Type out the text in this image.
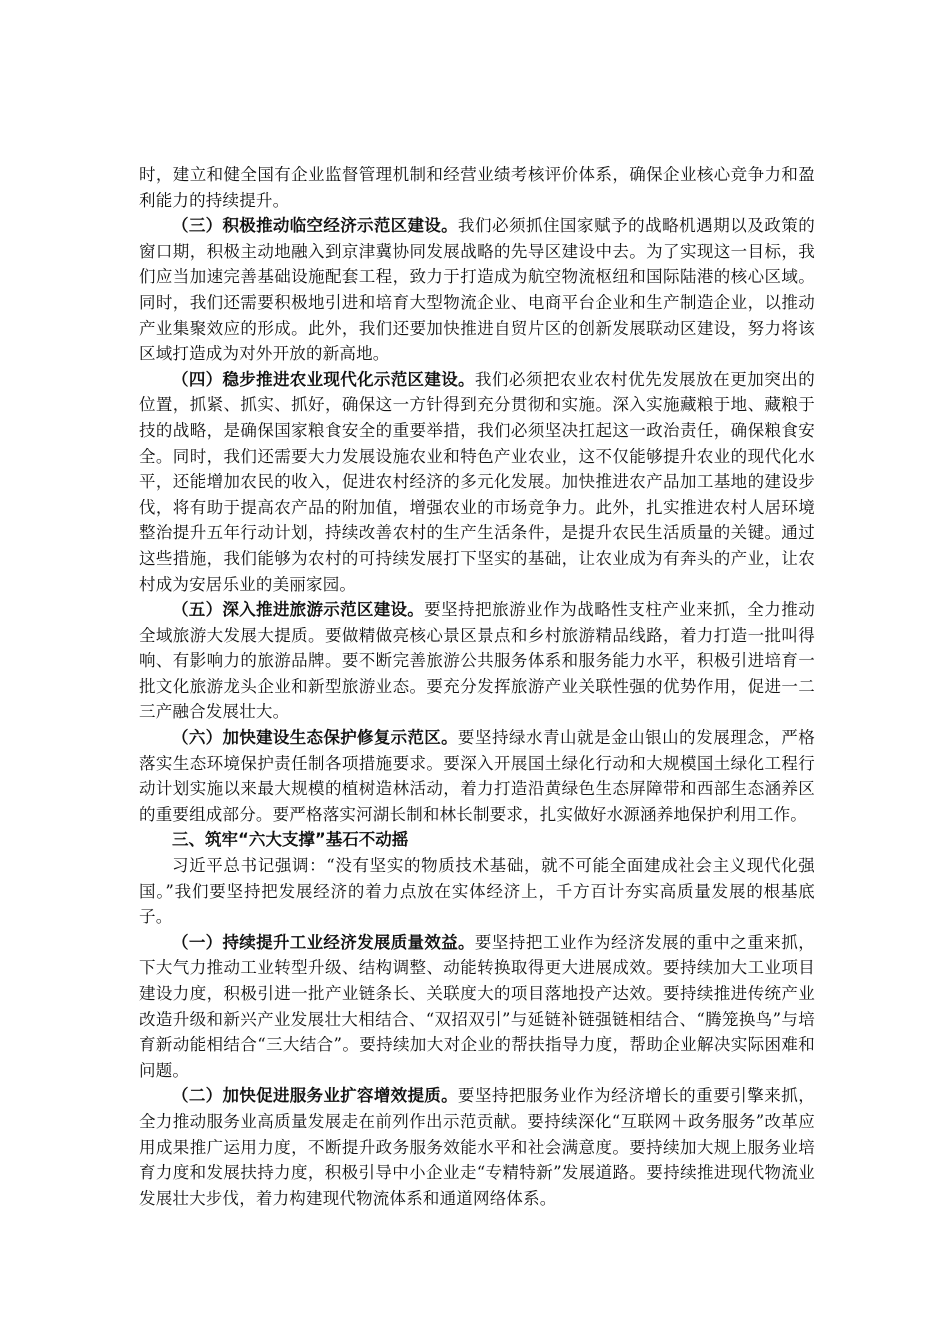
时，建立和健全国有企业监督管理机制和经营业绩考核评价体系，确保企业核心竞争力和盈利能力的持续提升。

（三）积极推动临空经济示范区建设。我们必须抓住国家赋予的战略机遇期以及政策的窗口期，积极主动地融入到京津冀协同发展战略的先导区建设中去。为了实现这一目标，我们应当加速完善基础设施配套工程，致力于打造成为航空物流枢纽和国际陆港的核心区域。同时，我们还需要积极地引进和培育大型物流企业、电商平台企业和生产制造企业，以推动产业集聚效应的形成。此外，我们还要加快推进自贸片区的创新发展联动区建设，努力将该区域打造成为对外开放的新高地。

（四）稳步推进农业现代化示范区建设。我们必须把农业农村优先发展放在更加突出的位置，抓紧、抓实、抓好，确保这一方针得到充分贯彻和实施。深入实施藏粮于地、藏粮于技的战略，是确保国家粮食安全的重要举措，我们必须坚决扛起这一政治责任，确保粮食安全。同时，我们还需要大力发展设施农业和特色产业农业，这不仅能够提升农业的现代化水平，还能增加农民的收入，促进农村经济的多元化发展。加快推进农产品加工基地的建设步伐，将有助于提高农产品的附加值，增强农业的市场竞争力。此外，扎实推进农村人居环境整治提升五年行动计划，持续改善农村的生产生活条件，是提升农民生活质量的关键。通过这些措施，我们能够为农村的可持续发展打下坚实的基础，让农业成为有奔头的产业，让农村成为安居乐业的美丽家园。

（五）深入推进旅游示范区建设。要坚持把旅游业作为战略性支柱产业来抓，全力推动全域旅游大发展大提质。要做精做亮核心景区景点和乡村旅游精品线路，着力打造一批叫得响、有影响力的旅游品牌。要不断完善旅游公共服务体系和服务能力水平，积极引进培育一批文化旅游龙头企业和新型旅游业态。要充分发挥旅游产业关联性强的优势作用，促进一二三产融合发展壮大。

（六）加快建设生态保护修复示范区。要坚持绿水青山就是金山银山的发展理念，严格落实生态环境保护责任制各项措施要求。要深入开展国土绿化行动和大规模国土绿化工程行动计划实施以来最大规模的植树造林活动，着力打造沿黄绿色生态屏障带和西部生态涵养区的重要组成部分。要严格落实河湖长制和林长制要求，扎实做好水源涵养地保护利用工作。

三、筑牢“六大支撑”基石不动摇

习近平总书记强调：“没有坚实的物质技术基础，就不可能全面建成社会主义现代化强国。”我们要坚持把发展经济的着力点放在实体经济上，千方百计夯实高质量发展的根基底子。

（一）持续提升工业经济发展质量效益。要坚持把工业作为经济发展的重中之重来抓，下大气力推动工业转型升级、结构调整、动能转换取得更大进展成效。要持续加大工业项目建设力度，积极引进一批产业链条长、关联度大的项目落地投产达效。要持续推进传统产业改造升级和新兴产业发展壮大相结合、“双招双引”与延链补链强链相结合、“腾笼换鸟”与培育新动能相结合“三大结合”。要持续加大对企业的帮扶指导力度，帮助企业解决实际困难和问题。

（二）加快促进服务业扩容增效提质。要坚持把服务业作为经济增长的重要引擎来抓，全力推动服务业高质量发展走在前列作出示范贡献。要持续深化“互联网＋政务服务”改革应用成果推广运用力度，不断提升政务服务效能水平和社会满意度。要持续加大规上服务业培育力度和发展扶持力度，积极引导中小企业走“专精特新”发展道路。要持续推进现代物流业发展壮大步伐，着力构建现代物流体系和通道网络体系。
